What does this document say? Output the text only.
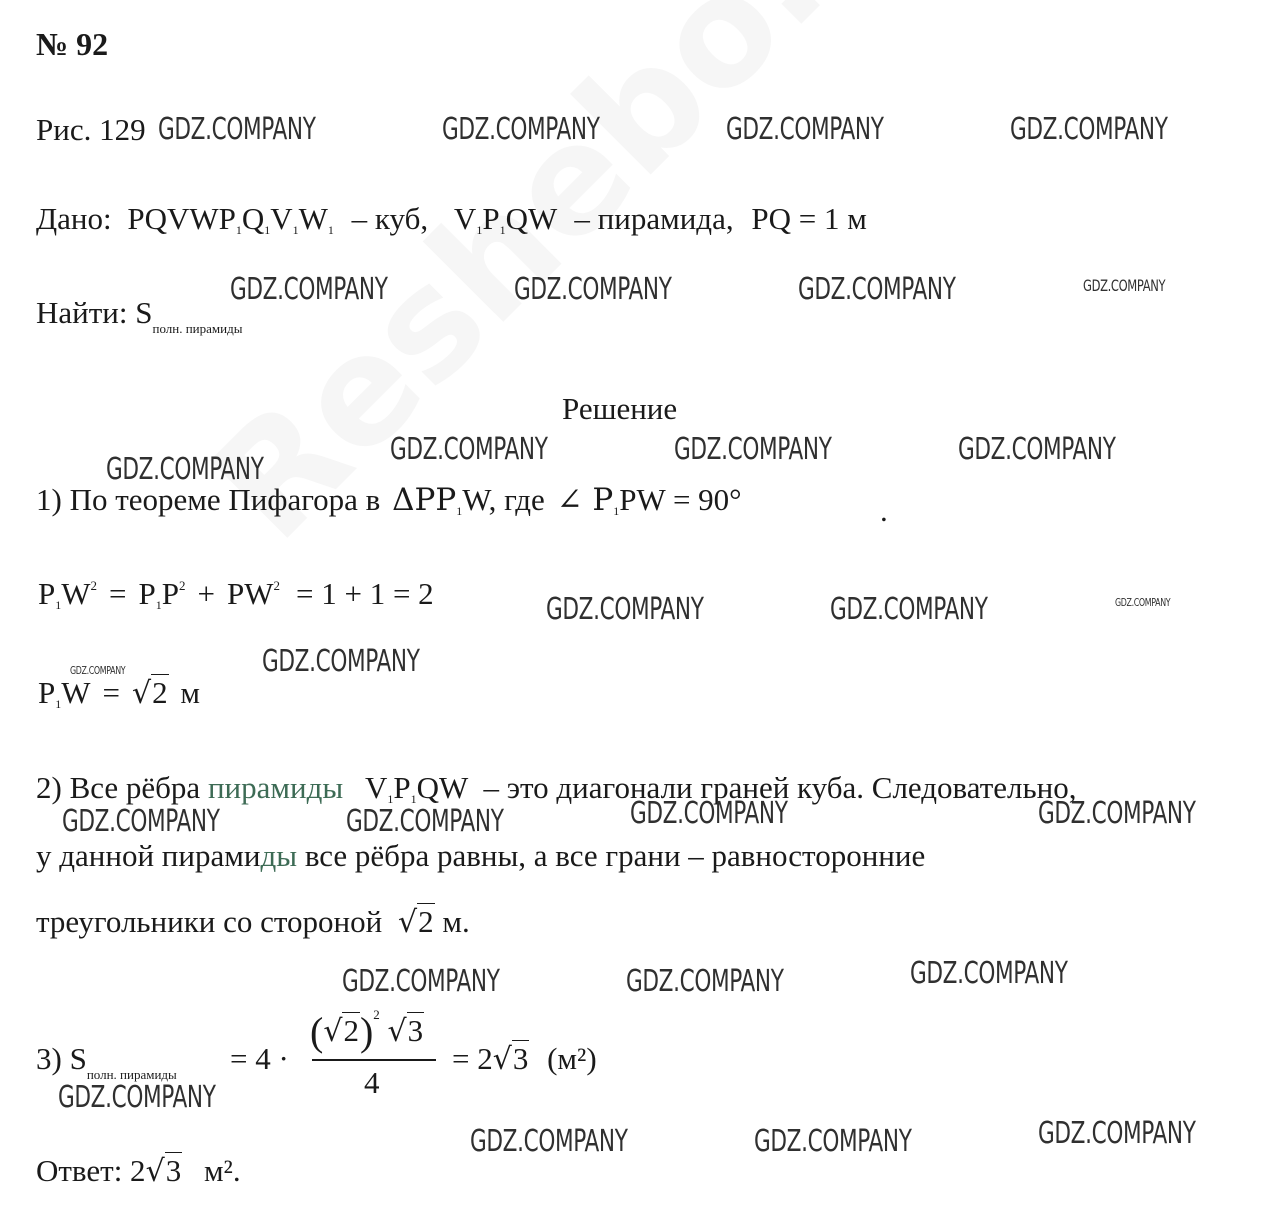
№ 92
Рис. 129
Дано: $PQVWP_1Q_1V_1W_1$ – куб, $V_1P_1QW$ – пирамида, PQ = 1 м
Найти: $S_{полн. пирамиды}$
Решение
1) По теореме Пифагора в $\Delta PP_1W$, где ∠ $P_1PW = 90^\circ$	.
$P_1W^2 = P_1P^2 + PW^2 = 1 + 1 = 2$
$P_1W = √2$ м
2) Все рёбра пирамиды $V_1P_1QW$ – это диагонали граней куба. Следовательно,
у данной пирамиды все рёбра равны, а все грани – равносторонние
треугольники со стороной √2 м.
3) $S_{полн. пирамиды} = 4$ ·
$(√2)^2$ √3
4
= 2√3 (м²)
Ответ: 2√3 м².
GDZ.COMPANY	GDZ.COMPANY	GDZ.COMPANY	GDZ.COMPANY
GDZ.COMPANY	GDZ.COMPANY	GDZ.COMPANY	GDZ.COMPANY
GDZ.COMPANY	GDZ.COMPANY	GDZ.COMPANY
GDZ.COMPANY
GDZ.COMPANY	GDZ.COMPANY	GDZ.COMPANY
GDZ.COMPANY
GDZ.COMPANY
GDZ.COMPANY	GDZ.COMPANY	GDZ.COMPANY	GDZ.COMPANY
GDZ.COMPANY	GDZ.COMPANY	GDZ.COMPANY
GDZ.COMPANY
GDZ.COMPANY	GDZ.COMPANY	GDZ.COMPANY
